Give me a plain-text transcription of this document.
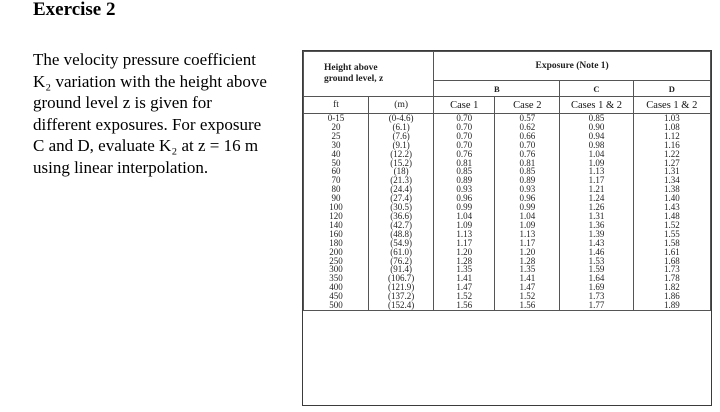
Exercise 2
The velocity pressure coefficient
K₂ variation with the height above
ground level z is given for
different exposures. For exposure
C and D, evaluate K₂ at z = 16 m
using linear interpolation.
Height above
ground level, z		Exposure (Note 1)			
		B		C	D
ft	(m)	Case 1	Case 2	Cases 1 & 2	Cases 1 & 2
0-15	(0-4.6)	0.70	0.57	0.85	1.03
20	(6.1)	0.70	0.62	0.90	1.08
25	(7.6)	0.70	0.66	0.94	1.12
30	(9.1)	0.70	0.70	0.98	1.16
40	(12.2)	0.76	0.76	1.04	1.22
50	(15.2)	0.81	0.81	1.09	1.27
60	(18)	0.85	0.85	1.13	1.31
70	(21.3)	0.89	0.89	1.17	1.34
80	(24.4)	0.93	0.93	1.21	1.38
90	(27.4)	0.96	0.96	1.24	1.40
100	(30.5)	0.99	0.99	1.26	1.43
120	(36.6)	1.04	1.04	1.31	1.48
140	(42.7)	1.09	1.09	1.36	1.52
160	(48.8)	1.13	1.13	1.39	1.55
180	(54.9)	1.17	1.17	1.43	1.58
200	(61.0)	1.20	1.20	1.46	1.61
250	(76.2)	1.28	1.28	1.53	1.68
300	(91.4)	1.35	1.35	1.59	1.73
350	(106.7)	1.41	1.41	1.64	1.78
400	(121.9)	1.47	1.47	1.69	1.82
450	(137.2)	1.52	1.52	1.73	1.86
500	(152.4)	1.56	1.56	1.77	1.89
